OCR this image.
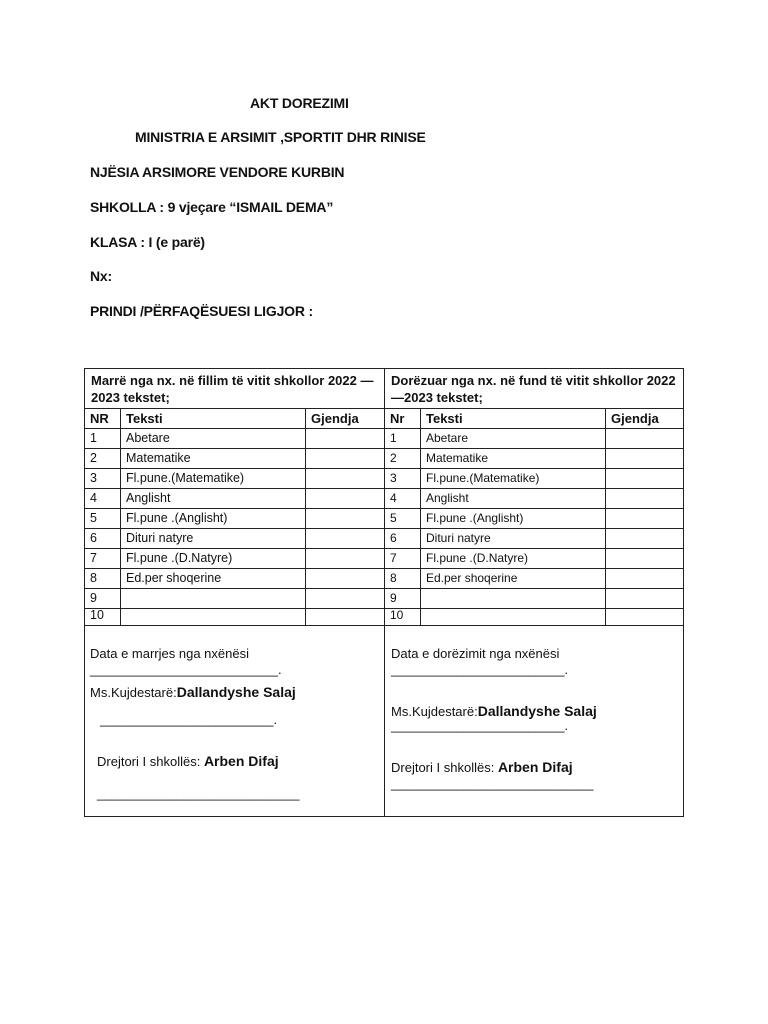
AKT DOREZIMI
MINISTRIA E ARSIMIT ,SPORTIT DHR RINISE
NJËSIA ARSIMORE VENDORE KURBIN
SHKOLLA : 9 vjeçare “ISMAIL DEMA”
KLASA : I (e parë)
Nx:
PRINDI /PËRFAQËSUESI LIGJOR :
Marrë nga nx. në fillim të vitit shkollor 2022 —2023 tekstet;
NR	Teksti	Gjendja
1	Abetare
2	Matematike
3	Fl.pune.(Matematike)
4	Anglisht
5	Fl.pune .(Anglisht)
6	Dituri natyre
7	Fl.pune .(D.Natyre)
8	Ed.per shoqerine
9
10
Data e marrjes nga nxënësi
__________________________.
Ms.Kujdestarë:Dallandyshe Salaj
________________________.
Drejtori I shkollës: Arben Difaj
____________________________
Dorëzuar nga nx. në fund të vitit shkollor 2022—2023 tekstet;
Nr	Teksti	Gjendja
1	Abetare
2	Matematike
3	Fl.pune.(Matematike)
4	Anglisht
5	Fl.pune .(Anglisht)
6	Dituri natyre
7	Fl.pune .(D.Natyre)
8	Ed.per shoqerine
9
10
Data e dorëzimit nga nxënësi
________________________.
Ms.Kujdestarë:Dallandyshe Salaj
________________________.
Drejtori I shkollës: Arben Difaj
____________________________
